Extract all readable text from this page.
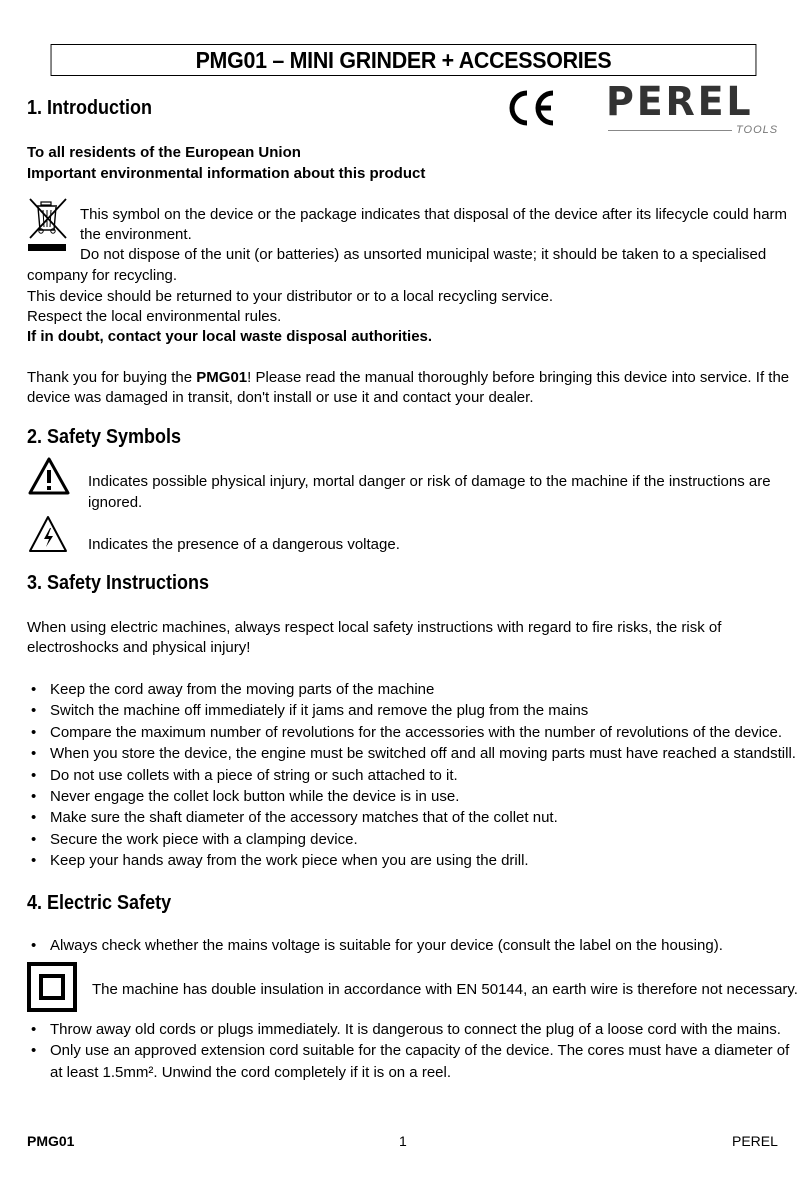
PMG01 – MINI GRINDER + ACCESSORIES
1. Introduction	PEREL
TOOLS
To all residents of the European Union
Important environmental information about this product
This symbol on the device or the package indicates that disposal of the device after its lifecycle could harm
the environment.
Do not dispose of the unit (or batteries) as unsorted municipal waste; it should be taken to a specialised
company for recycling.
This device should be returned to your distributor or to a local recycling service.
Respect the local environmental rules.
If in doubt, contact your local waste disposal authorities.
Thank you for buying the PMG01! Please read the manual thoroughly before bringing this device into service. If the
device was damaged in transit, don't install or use it and contact your dealer.
2. Safety Symbols
Indicates possible physical injury, mortal danger or risk of damage to the machine if the instructions are
ignored.
Indicates the presence of a dangerous voltage.
3. Safety Instructions
When using electric machines, always respect local safety instructions with regard to fire risks, the risk of
electroshocks and physical injury!
• Keep the cord away from the moving parts of the machine
• Switch the machine off immediately if it jams and remove the plug from the mains
• Compare the maximum number of revolutions for the accessories with the number of revolutions of the device.
• When you store the device, the engine must be switched off and all moving parts must have reached a standstill.
• Do not use collets with a piece of string or such attached to it.
• Never engage the collet lock button while the device is in use.
• Make sure the shaft diameter of the accessory matches that of the collet nut.
• Secure the work piece with a clamping device.
• Keep your hands away from the work piece when you are using the drill.
4. Electric Safety
• Always check whether the mains voltage is suitable for your device (consult the label on the housing).
The machine has double insulation in accordance with EN 50144, an earth wire is therefore not necessary.
• Throw away old cords or plugs immediately. It is dangerous to connect the plug of a loose cord with the mains.
• Only use an approved extension cord suitable for the capacity of the device. The cores must have a diameter of
at least 1.5mm². Unwind the cord completely if it is on a reel.
PMG01	1	PEREL
